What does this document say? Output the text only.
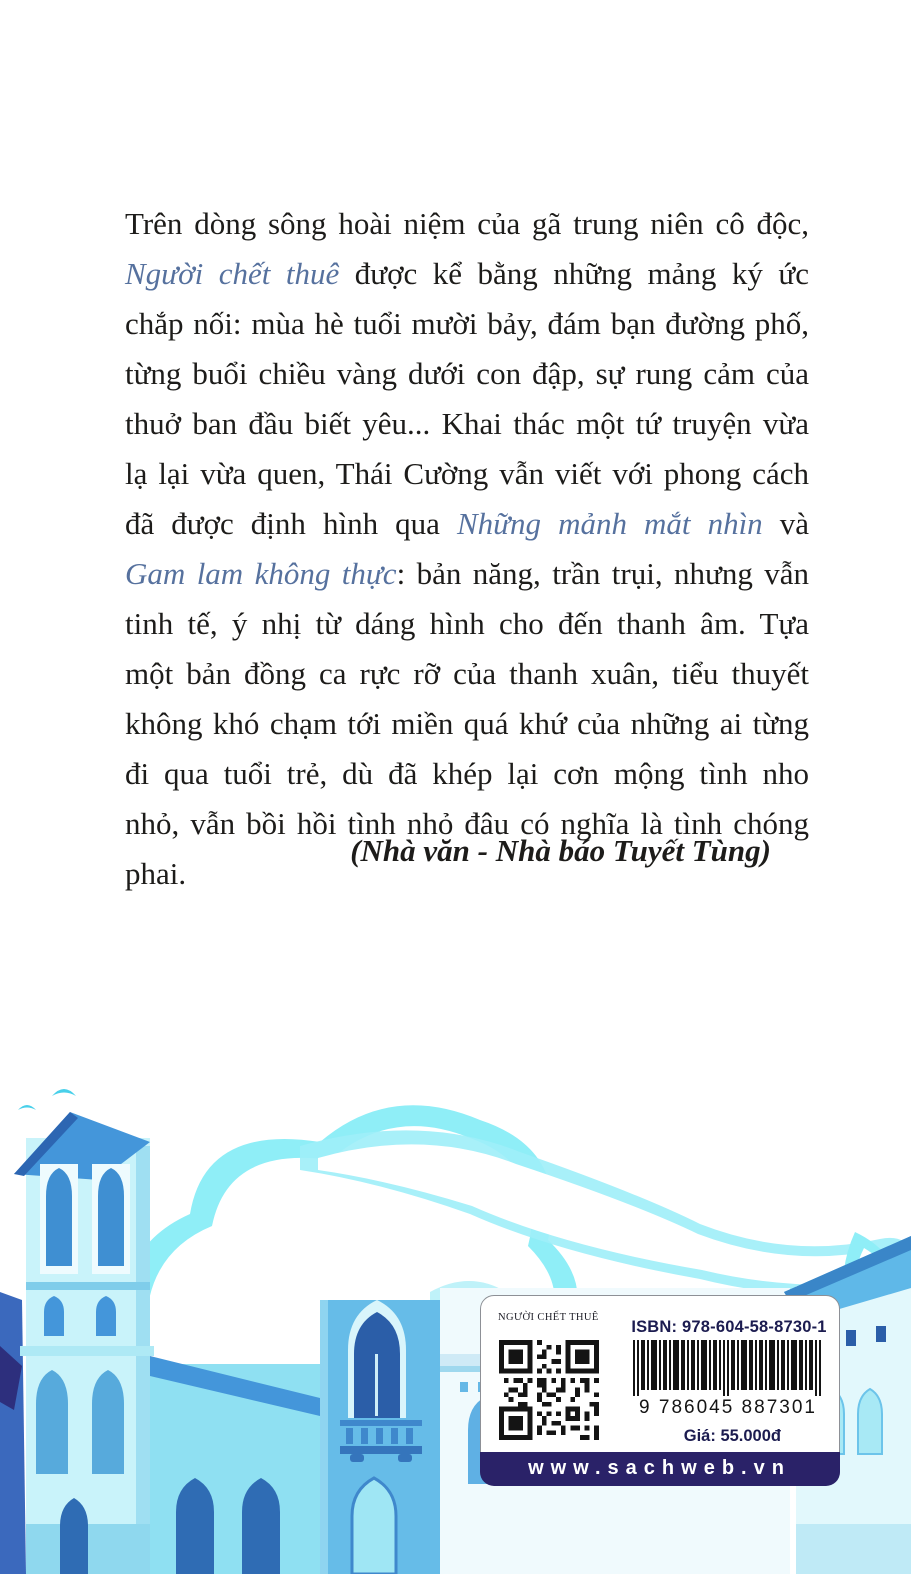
Trên dòng sông hoài niệm của gã trung niên cô độc, Người chết thuê được kể bằng những mảng ký ức chắp nối: mùa hè tuổi mười bảy, đám bạn đường phố, từng buổi chiều vàng dưới con đập, sự rung cảm của thuở ban đầu biết yêu... Khai thác một tứ truyện vừa lạ lại vừa quen, Thái Cường vẫn viết với phong cách đã được định hình qua Những mảnh mắt nhìn và Gam lam không thực: bản năng, trần trụi, nhưng vẫn tinh tế, ý nhị từ dáng hình cho đến thanh âm. Tựa một bản đồng ca rực rỡ của thanh xuân, tiểu thuyết không khó chạm tới miền quá khứ của những ai từng đi qua tuổi trẻ, dù đã khép lại cơn mộng tình nho nhỏ, vẫn bồi hồi tình nhỏ đâu có nghĩa là tình chóng phai.

(Nhà văn - Nhà báo Tuyết Tùng)
NGƯỜI CHẾT THUÊ
ISBN: 978-604-58-8730-1
9 786045 887301
Giá: 55.000đ
www.sachweb.vn
